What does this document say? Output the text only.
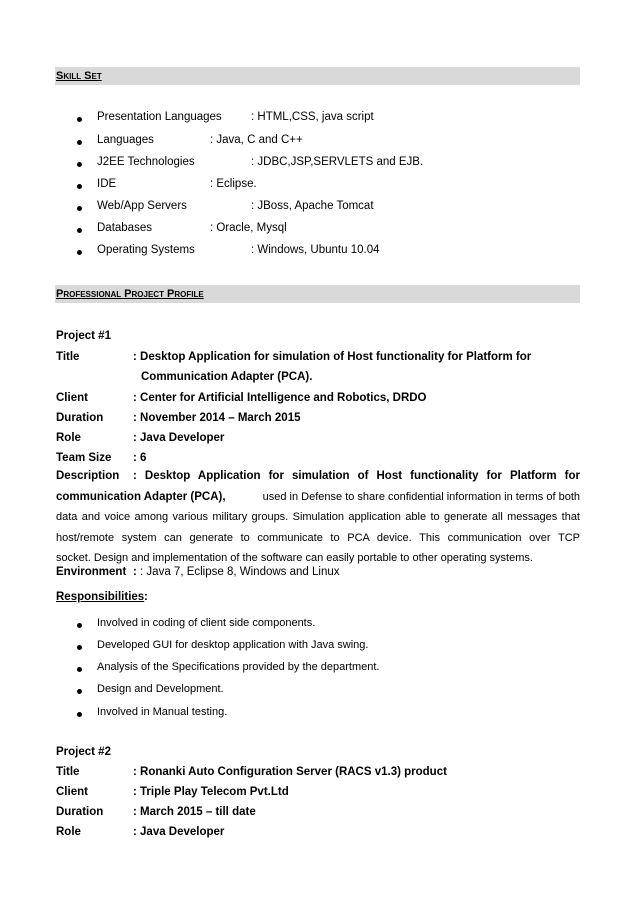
Skill Set
Presentation Languages	: HTML,CSS, java script
Languages	: Java, C and C++
J2EE Technologies	: JDBC,JSP,SERVLETS and EJB.
IDE	: Eclipse.
Web/App Servers	: JBoss, Apache Tomcat
Databases	: Oracle, Mysql
Operating Systems	: Windows, Ubuntu 10.04
Professional Project Profile
Project #1
Title	: Desktop Application for simulation of Host functionality for Platform for
Communication Adapter (PCA).
Client	: Center for Artificial Intelligence and Robotics, DRDO
Duration	: November 2014 – March 2015
Role	: Java Developer
Team Size : 6
Description : Desktop Application for simulation of Host functionality for Platform for
communication Adapter (PCA),	used in Defense to share confidential information in terms of both
data and voice among various military groups. Simulation application able to generate all messages that
host/remote system can generate to communicate to PCA device. This communication over TCP
socket. Design and implementation of the software can easily portable to other operating systems.
Environment : : Java 7, Eclipse 8, Windows and Linux
Responsibilities :
Involved in coding of client side components.
Developed GUI for desktop application with Java swing.
Analysis of the Specifications provided by the department.
Design and Development.
Involved in Manual testing.
Project #2
Title	: Ronanki Auto Configuration Server (RACS v1.3) product
Client	: Triple Play Telecom Pvt.Ltd
Duration	: March 2015 – till date
Role	: Java Developer
